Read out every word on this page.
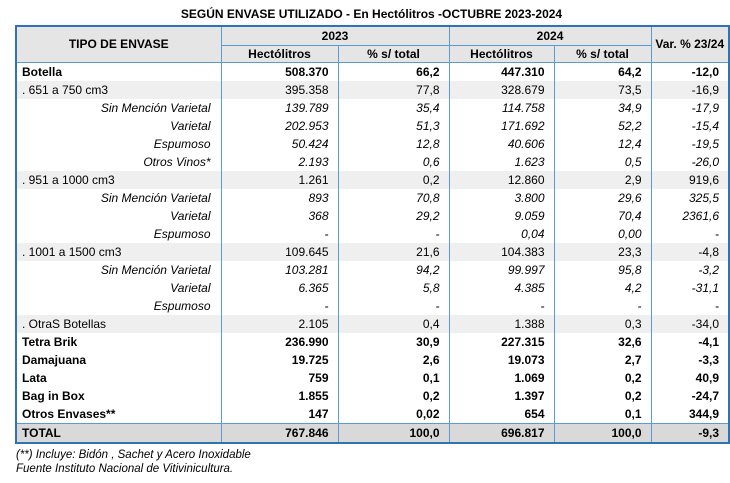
SEGÚN ENVASE UTILIZADO - En Hectólitros -OCTUBRE 2023-2024
TIPO DE ENVASE	2023		2024		Var. % 23/24
	Hectólitros	% s/ total	Hectólitros	% s/ total	
Botella	508.370	66,2	447.310	64,2	-12,0
. 651 a 750 cm3	395.358	77,8	328.679	73,5	-16,9
Sin Mención Varietal	139.789	35,4	114.758	34,9	-17,9
Varietal	202.953	51,3	171.692	52,2	-15,4
Espumoso	50.424	12,8	40.606	12,4	-19,5
Otros Vinos*	2.193	0,6	1.623	0,5	-26,0
. 951 a 1000 cm3	1.261	0,2	12.860	2,9	919,6
Sin Mención Varietal	893	70,8	3.800	29,6	325,5
Varietal	368	29,2	9.059	70,4	2361,6
Espumoso	-	-	0,04	0,00	-
. 1001 a 1500 cm3	109.645	21,6	104.383	23,3	-4,8
Sin Mención Varietal	103.281	94,2	99.997	95,8	-3,2
Varietal	6.365	5,8	4.385	4,2	-31,1
Espumoso	-	-	-	-	-
. OtraS Botellas	2.105	0,4	1.388	0,3	-34,0
Tetra Brik	236.990	30,9	227.315	32,6	-4,1
Damajuana	19.725	2,6	19.073	2,7	-3,3
Lata	759	0,1	1.069	0,2	40,9
Bag in Box	1.855	0,2	1.397	0,2	-24,7
Otros Envases**	147	0,02	654	0,1	344,9
TOTAL	767.846	100,0	696.817	100,0	-9,3
(**) Incluye: Bidón , Sachet y Acero Inoxidable
Fuente Instituto Nacional de Vitivinicultura.
